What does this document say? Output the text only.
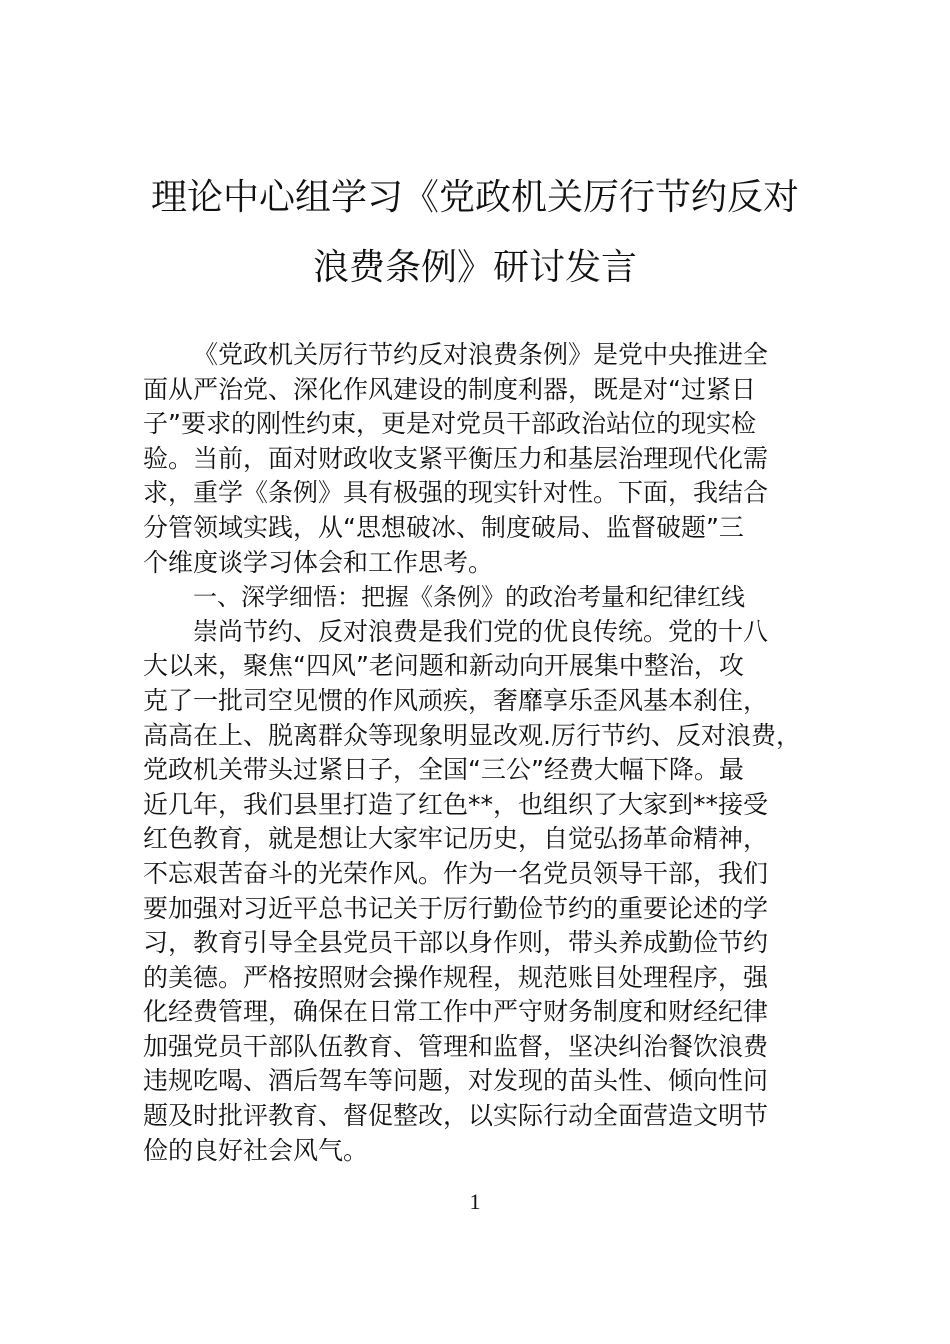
理论中心组学习《党政机关厉行节约反对
浪费条例》研讨发言
《党政机关厉行节约反对浪费条例》是党中央推进全
面从严治党、深化作风建设的制度利器，既是对“过紧日
子”要求的刚性约束，更是对党员干部政治站位的现实检
验。当前，面对财政收支紧平衡压力和基层治理现代化需
求，重学《条例》具有极强的现实针对性。下面，我结合
分管领域实践，从“思想破冰、制度破局、监督破题”三
个维度谈学习体会和工作思考。
一、深学细悟：把握《条例》的政治考量和纪律红线
崇尚节约、反对浪费是我们党的优良传统。党的十八
大以来，聚焦“四风”老问题和新动向开展集中整治，攻
克了一批司空见惯的作风顽疾，奢靡享乐歪风基本刹住，
高高在上、脱离群众等现象明显改观.厉行节约、反对浪费，
党政机关带头过紧日子，全国“三公”经费大幅下降。最
近几年，我们县里打造了红色**，也组织了大家到**接受
红色教育，就是想让大家牢记历史，自觉弘扬革命精神，
不忘艰苦奋斗的光荣作风。作为一名党员领导干部，我们
要加强对习近平总书记关于厉行勤俭节约的重要论述的学
习，教育引导全县党员干部以身作则，带头养成勤俭节约
的美德。严格按照财会操作规程，规范账目处理程序，强
化经费管理，确保在日常工作中严守财务制度和财经纪律
加强党员干部队伍教育、管理和监督，坚决纠治餐饮浪费
违规吃喝、酒后驾车等问题，对发现的苗头性、倾向性问
题及时批评教育、督促整改，以实际行动全面营造文明节
俭的良好社会风气。
1
